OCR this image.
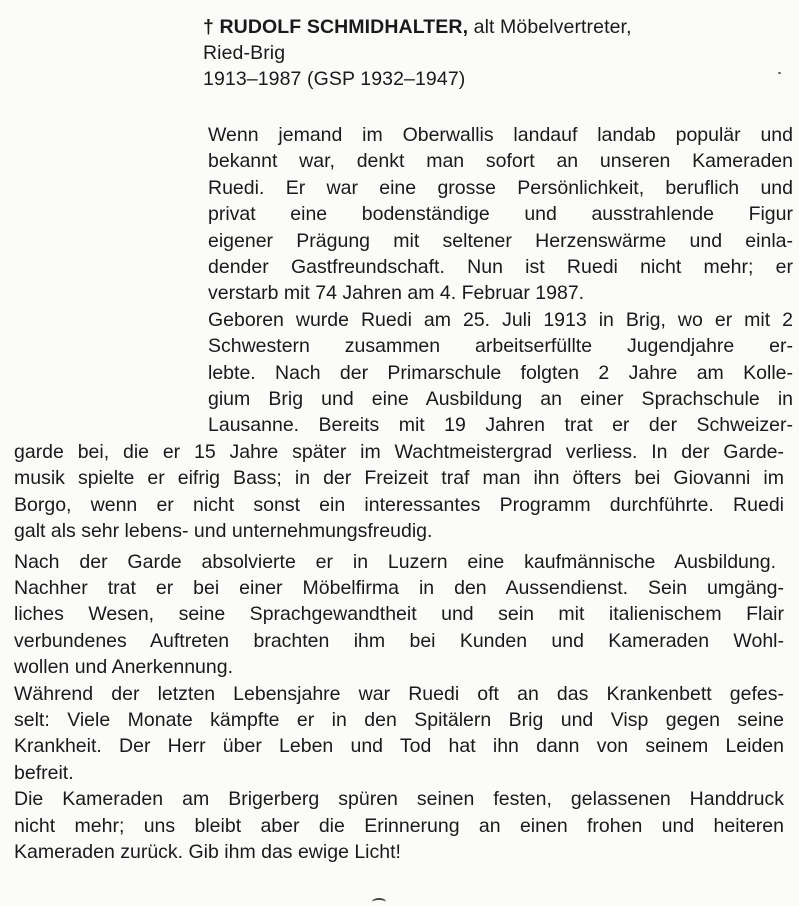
† RUDOLF SCHMIDHALTER, alt Möbelvertreter,
Ried-Brig
1913–1987 (GSP 1932–1947)
Wenn jemand im Oberwallis landauf landab populär und
bekannt war, denkt man sofort an unseren Kameraden
Ruedi. Er war eine grosse Persönlichkeit, beruflich und
privat eine bodenständige und ausstrahlende Figur
eigener Prägung mit seltener Herzenswärme und einla-
dender Gastfreundschaft. Nun ist Ruedi nicht mehr; er
verstarb mit 74 Jahren am 4. Februar 1987.
Geboren wurde Ruedi am 25. Juli 1913 in Brig, wo er mit 2
Schwestern zusammen arbeitserfüllte Jugendjahre er-
lebte. Nach der Primarschule folgten 2 Jahre am Kolle-
gium Brig und eine Ausbildung an einer Sprachschule in
Lausanne. Bereits mit 19 Jahren trat er der Schweizer-
garde bei, die er 15 Jahre später im Wachtmeistergrad verliess. In der Garde-
musik spielte er eifrig Bass; in der Freizeit traf man ihn öfters bei Giovanni im
Borgo, wenn er nicht sonst ein interessantes Programm durchführte. Ruedi
galt als sehr lebens- und unternehmungsfreudig.
Nach der Garde absolvierte er in Luzern eine kaufmännische Ausbildung.
Nachher trat er bei einer Möbelfirma in den Aussendienst. Sein umgäng-
liches Wesen, seine Sprachgewandtheit und sein mit italienischem Flair
verbundenes Auftreten brachten ihm bei Kunden und Kameraden Wohl-
wollen und Anerkennung.
Während der letzten Lebensjahre war Ruedi oft an das Krankenbett gefes-
selt: Viele Monate kämpfte er in den Spitälern Brig und Visp gegen seine
Krankheit. Der Herr über Leben und Tod hat ihn dann von seinem Leiden
befreit.
Die Kameraden am Brigerberg spüren seinen festen, gelassenen Handdruck
nicht mehr; uns bleibt aber die Erinnerung an einen frohen und heiteren
Kameraden zurück. Gib ihm das ewige Licht!
